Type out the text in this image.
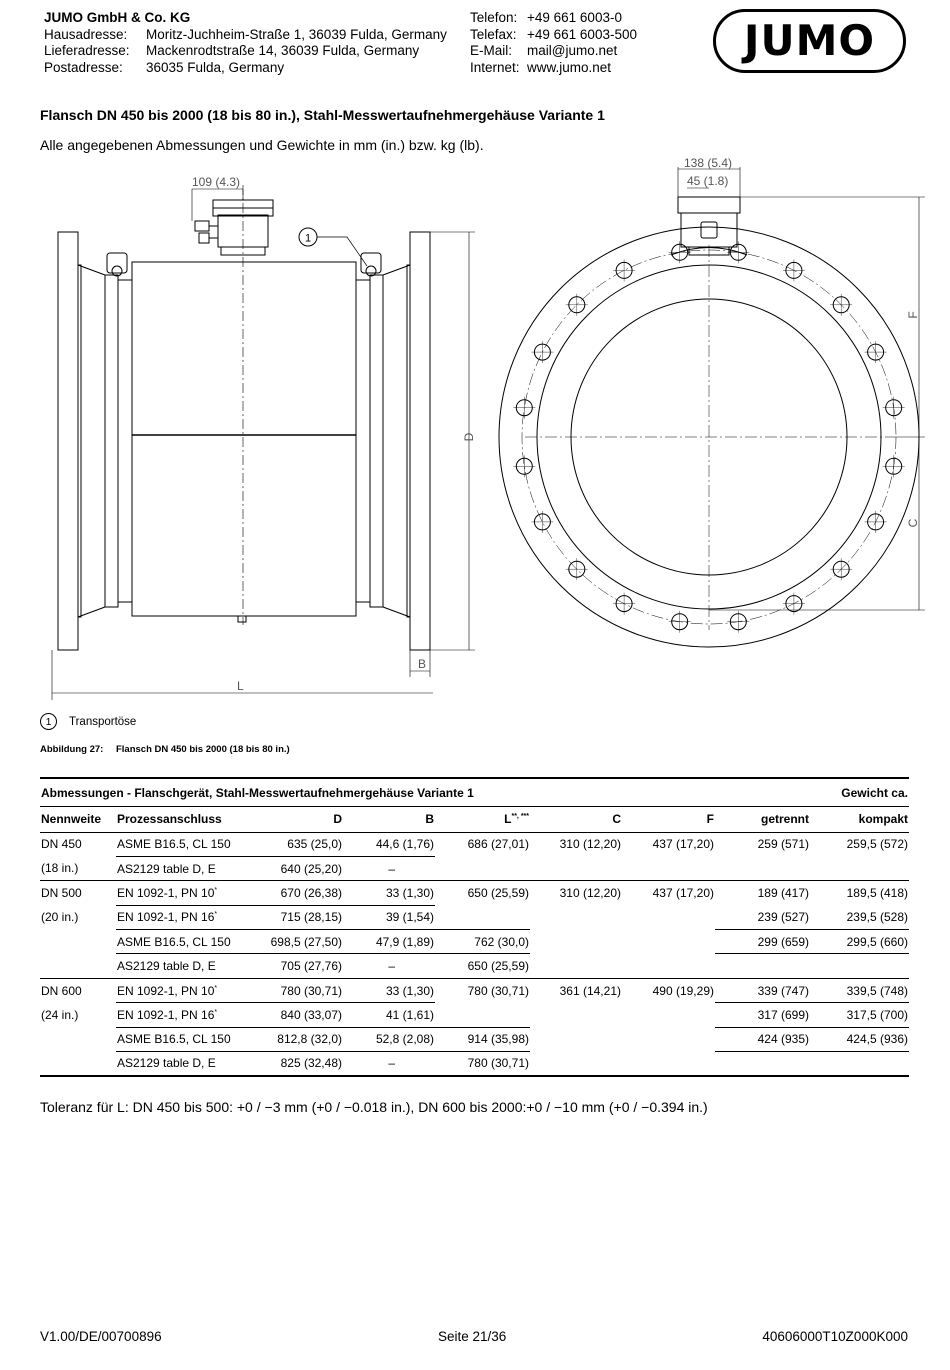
JUMO GmbH & Co. KG
Hausadresse:	Moritz-Juchheim-Straße 1, 36039 Fulda, Germany
Lieferadresse:	Mackenrodtstraße 14, 36039 Fulda, Germany
Postadresse:	36035 Fulda, Germany
Telefon: +49 661 6003-0
Telefax: +49 661 6003-500
E-Mail:	mail@jumo.net
Internet: www.jumo.net
JUMO
Flansch DN 450 bis 2000 (18 bis 80 in.), Stahl-Messwertaufnehmergehäuse Variante 1
Alle angegebenen Abmessungen und Gewichte in mm (in.) bzw. kg (lb).
109 (4.3)
1
D
B
L
138 (5.4)
45 (1.8)
F
C
1	Transportöse
Abbildung 27: Flansch DN 450 bis 2000 (18 bis 80 in.)
Abmessungen - Flanschgerät, Stahl-Messwertaufnehmergehäuse Variante 1							Gewicht ca.	
Nennweite	Prozessanschluss	D	B	L**, ***	C	F	getrennt	kompakt
DN 450	ASME B16.5, CL 150	635 (25,0)	44,6 (1,76)	686 (27,01)	310 (12,20)	437 (17,20)	259 (571)	259,5 (572)
(18 in.)	AS2129 table D, E	640 (25,20)	–					
DN 500	EN 1092-1, PN 10*	670 (26,38)	33 (1,30)	650 (25,59)	310 (12,20)	437 (17,20)	189 (417)	189,5 (418)
(20 in.)	EN 1092-1, PN 16*	715 (28,15)	39 (1,54)				239 (527)	239,5 (528)
	ASME B16.5, CL 150	698,5 (27,50)	47,9 (1,89)	762 (30,0)			299 (659)	299,5 (660)
	AS2129 table D, E	705 (27,76)	–	650 (25,59)				
DN 600	EN 1092-1, PN 10*	780 (30,71)	33 (1,30)	780 (30,71)	361 (14,21)	490 (19,29)	339 (747)	339,5 (748)
(24 in.)	EN 1092-1, PN 16*	840 (33,07)	41 (1,61)				317 (699)	317,5 (700)
	ASME B16.5, CL 150	812,8 (32,0)	52,8 (2,08)	914 (35,98)			424 (935)	424,5 (936)
	AS2129 table D, E	825 (32,48)	–	780 (30,71)				
Toleranz für L: DN 450 bis 500: +0 / −3 mm (+0 / −0.018 in.), DN 600 bis 2000:+0 / −10 mm (+0 / −0.394 in.)
V1.00/DE/00700896	Seite 21/36	40606000T10Z000K000
